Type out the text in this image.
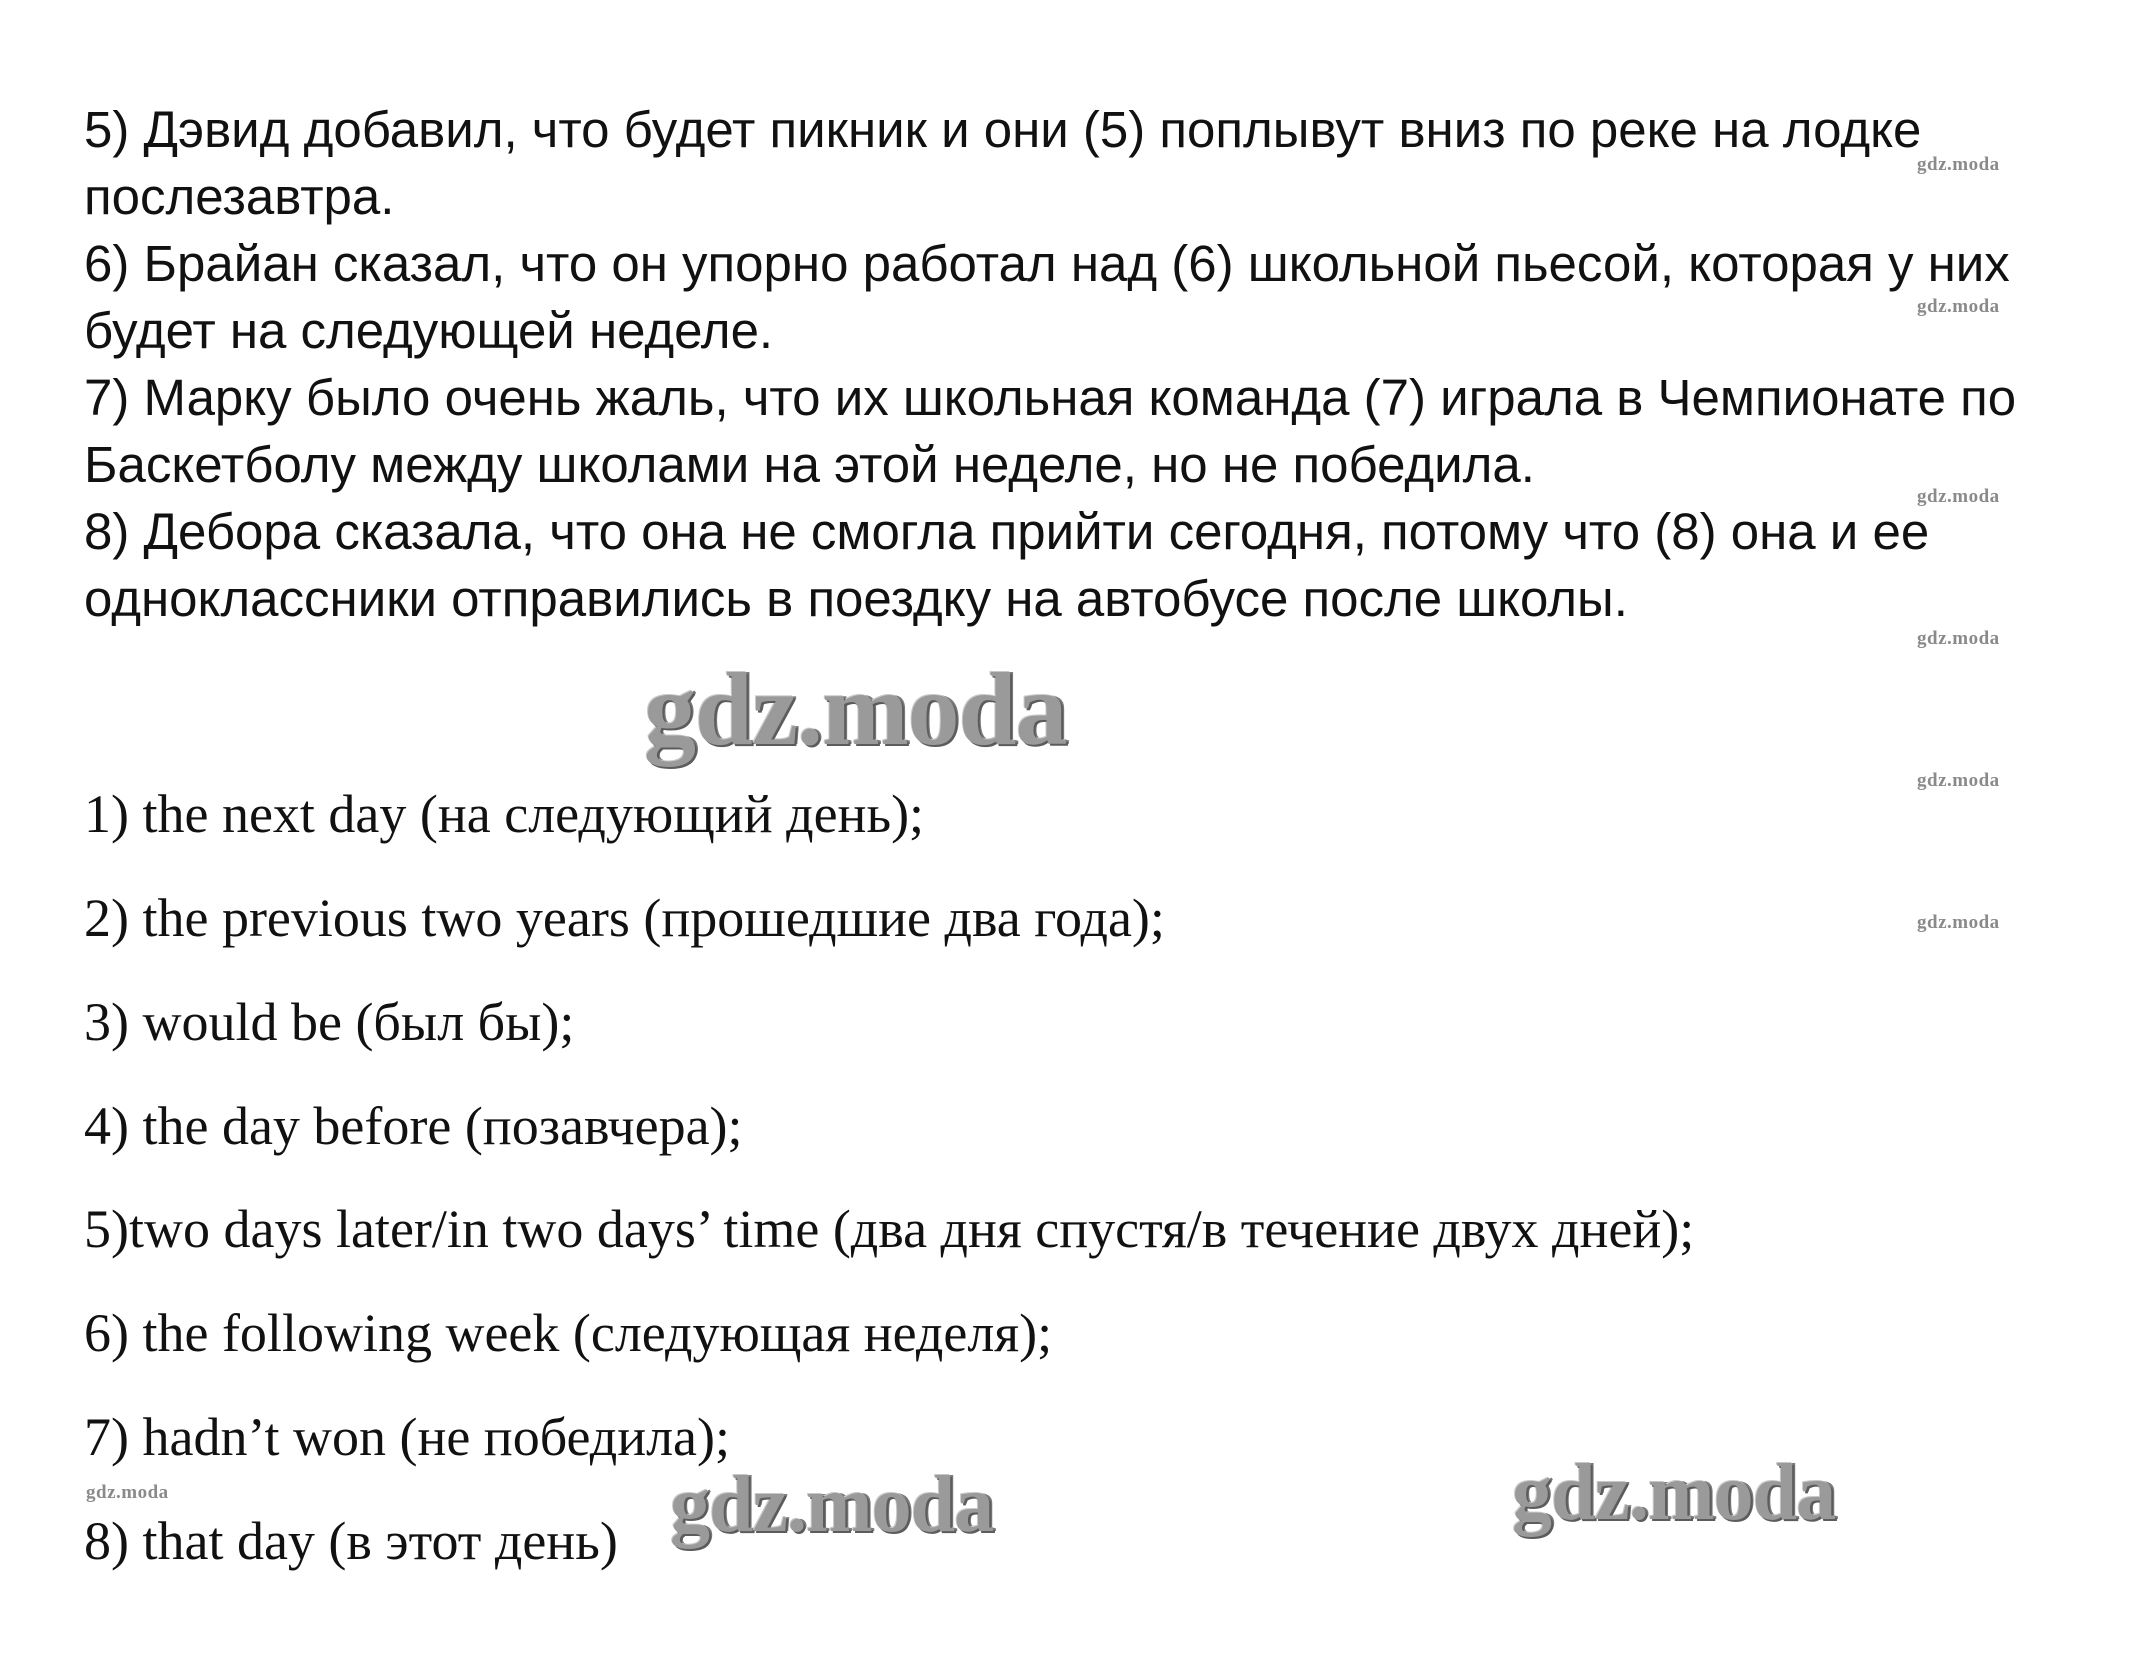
5) Дэвид добавил, что будет пикник и они (5) поплывут вниз по реке на лодке послезавтра.

6) Брайан сказал, что он упорно работал над (6) школьной пьесой, которая у них будет на следующей неделе.

7) Марку было очень жаль, что их школьная команда (7) играла в Чемпионате по Баскетболу между школами на этой неделе, но не победила.

8) Дебора сказала, что она не смогла прийти сегодня, потому что (8) она и ее одноклассники отправились в поездку на автобусе после школы.

1) the next day (на следующий день);
2) the previous two years (прошедшие два года);
3) would be (был бы);
4) the day before (позавчера);
5)two days later/in two days’ time (два дня спустя/в течение двух дней);
6) the following week (следующая неделя);
7) hadn’t won (не победила);
8) that day (в этот день)
gdz.moda
gdz.moda
gdz.moda
gdz.moda
gdz.moda
gdz.moda
gdz.moda
gdz.moda
gdz.moda	gdz.moda
